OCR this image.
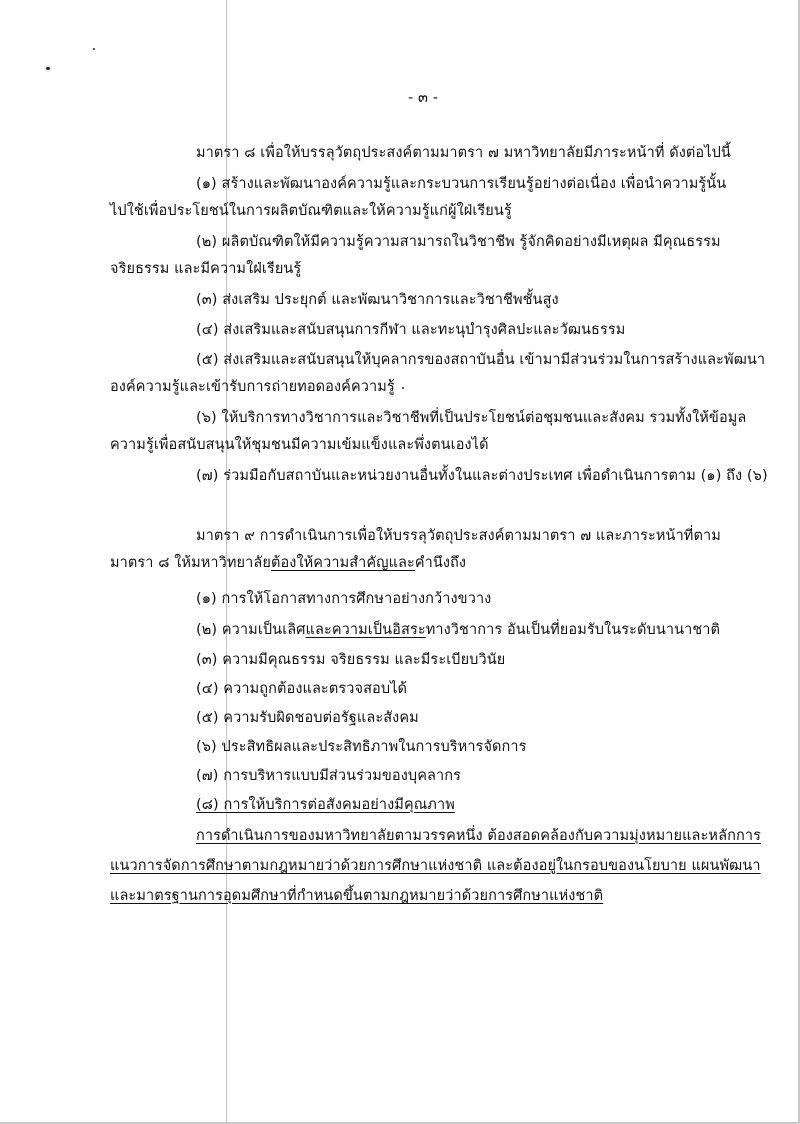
- ๓ -
มาตรา ๘ เพื่อให้บรรลุวัตถุประสงค์ตามมาตรา ๗ มหาวิทยาลัยมีภาระหน้าที่ ดังต่อไปนี้
(๑) สร้างและพัฒนาองค์ความรู้และกระบวนการเรียนรู้อย่างต่อเนื่อง เพื่อนำความรู้นั้น
ไปใช้เพื่อประโยชน์ในการผลิตบัณฑิตและให้ความรู้แก่ผู้ใฝ่เรียนรู้
(๒) ผลิตบัณฑิตให้มีความรู้ความสามารถในวิชาชีพ รู้จักคิดอย่างมีเหตุผล มีคุณธรรม
จริยธรรม และมีความใฝ่เรียนรู้
(๓) ส่งเสริม ประยุกต์ และพัฒนาวิชาการและวิชาชีพชั้นสูง
(๔) ส่งเสริมและสนับสนุนการกีฬา และทะนุบำรุงศิลปะและวัฒนธรรม
(๕) ส่งเสริมและสนับสนุนให้บุคลากรของสถาบันอื่น เข้ามามีส่วนร่วมในการสร้างและพัฒนา
องค์ความรู้และเข้ารับการถ่ายทอดองค์ความรู้
(๖) ให้บริการทางวิชาการและวิชาชีพที่เป็นประโยชน์ต่อชุมชนและสังคม รวมทั้งให้ข้อมูล
ความรู้เพื่อสนับสนุนให้ชุมชนมีความเข้มแข็งและพึ่งตนเองได้
(๗) ร่วมมือกับสถาบันและหน่วยงานอื่นทั้งในและต่างประเทศ เพื่อดำเนินการตาม (๑) ถึง (๖)
มาตรา ๙ การดำเนินการเพื่อให้บรรลุวัตถุประสงค์ตามมาตรา ๗ และภาระหน้าที่ตาม
มาตรา ๘ ให้มหาวิทยาลัยต้องให้ความสำคัญและคำนึงถึง
(๑) การให้โอกาสทางการศึกษาอย่างกว้างขวาง
(๒) ความเป็นเลิศและความเป็นอิสระทางวิชาการ อันเป็นที่ยอมรับในระดับนานาชาติ
(๓) ความมีคุณธรรม จริยธรรม และมีระเบียบวินัย
(๔) ความถูกต้องและตรวจสอบได้
(๕) ความรับผิดชอบต่อรัฐและสังคม
(๖) ประสิทธิผลและประสิทธิภาพในการบริหารจัดการ
(๗) การบริหารแบบมีส่วนร่วมของบุคลากร
(๘) การให้บริการต่อสังคมอย่างมีคุณภาพ
การดำเนินการของมหาวิทยาลัยตามวรรคหนึ่ง ต้องสอดคล้องกับความมุ่งหมายและหลักการ
แนวการจัดการศึกษาตามกฎหมายว่าด้วยการศึกษาแห่งชาติ และต้องอยู่ในกรอบของนโยบาย แผนพัฒนา
และมาตรฐานการอุดมศึกษาที่กำหนดขึ้นตามกฎหมายว่าด้วยการศึกษาแห่งชาติ
